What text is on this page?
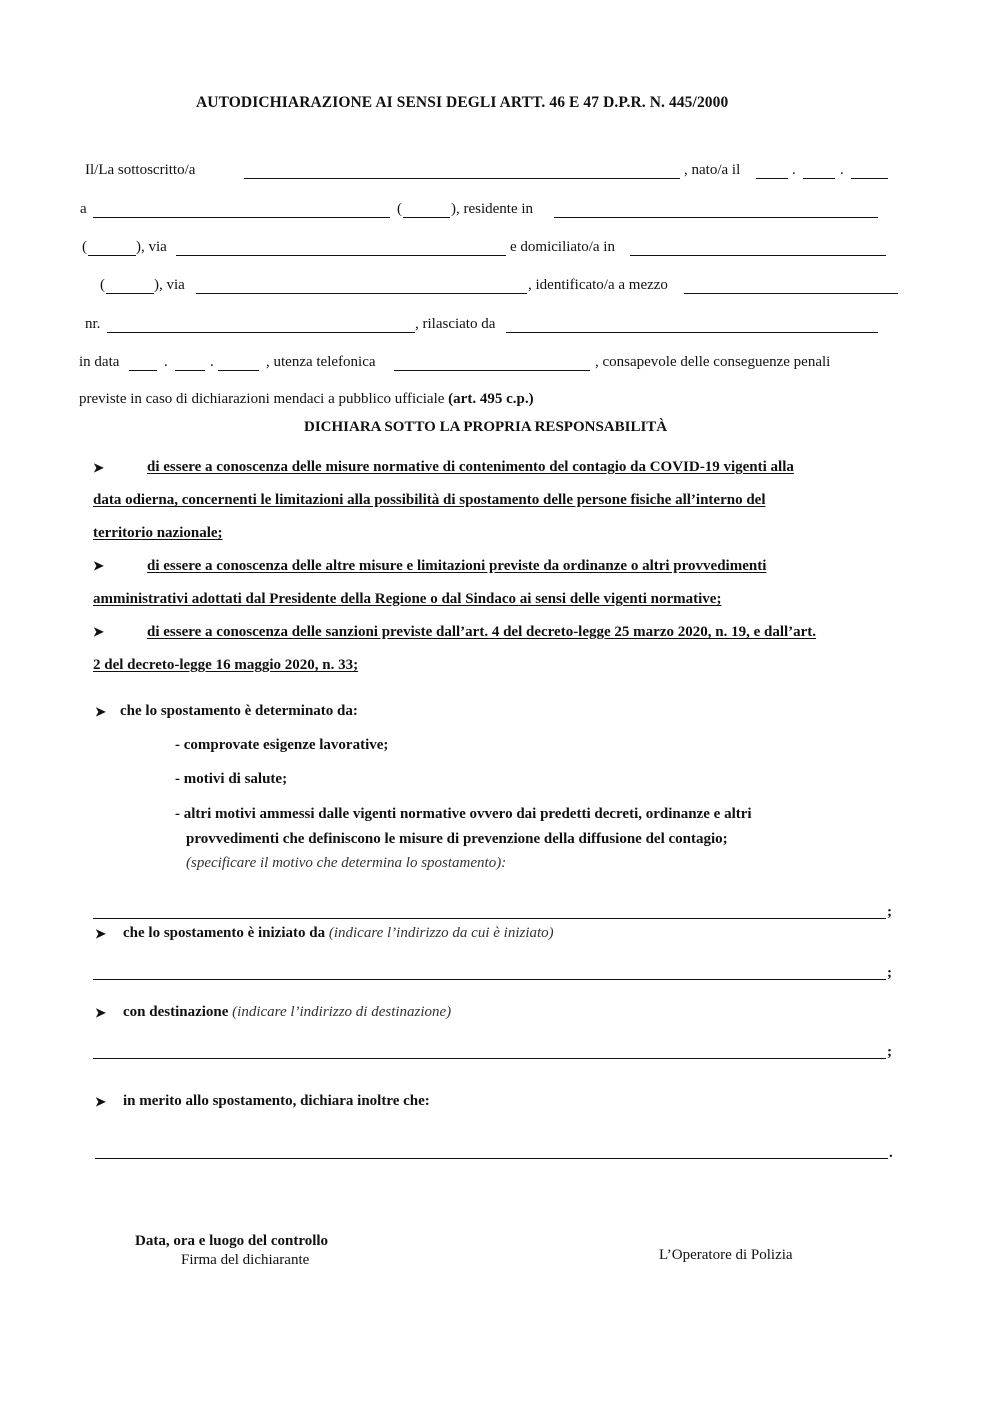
AUTODICHIARAZIONE AI SENSI DEGLI ARTT. 46 E 47 D.P.R. N. 445/2000
Il/La sottoscritto/a	, nato/a il	.	.
a	(	), residente in
(	), via	e domiciliato/a in
(	), via	, identificato/a a mezzo
nr.	, rilasciato da
in data	.	.	, utenza telefonica	, consapevole delle conseguenze penali
previste in caso di dichiarazioni mendaci a pubblico ufficiale (art. 495 c.p.)
DICHIARA SOTTO LA PROPRIA RESPONSABILITÀ
➤	di essere a conoscenza delle misure normative di contenimento del contagio da COVID-19 vigenti alla
data odierna, concernenti le limitazioni alla possibilità di spostamento delle persone fisiche all’interno del
territorio nazionale;
➤	di essere a conoscenza delle altre misure e limitazioni previste da ordinanze o altri provvedimenti
amministrativi adottati dal Presidente della Regione o dal Sindaco ai sensi delle vigenti normative;
➤	di essere a conoscenza delle sanzioni previste dall’art. 4 del decreto-legge 25 marzo 2020, n. 19, e dall’art.
2 del decreto-legge 16 maggio 2020, n. 33;
➤ che lo spostamento è determinato da:
- comprovate esigenze lavorative;
- motivi di salute;
- altri motivi ammessi dalle vigenti normative ovvero dai predetti decreti, ordinanze e altri
provvedimenti che definiscono le misure di prevenzione della diffusione del contagio;
(specificare il motivo che determina lo spostamento):
;
➤ che lo spostamento è iniziato da (indicare l’indirizzo da cui è iniziato)
;
➤ con destinazione (indicare l’indirizzo di destinazione)
;
➤ in merito allo spostamento, dichiara inoltre che:
.
Data, ora e luogo del controllo
Firma del dichiarante	L’Operatore di Polizia
